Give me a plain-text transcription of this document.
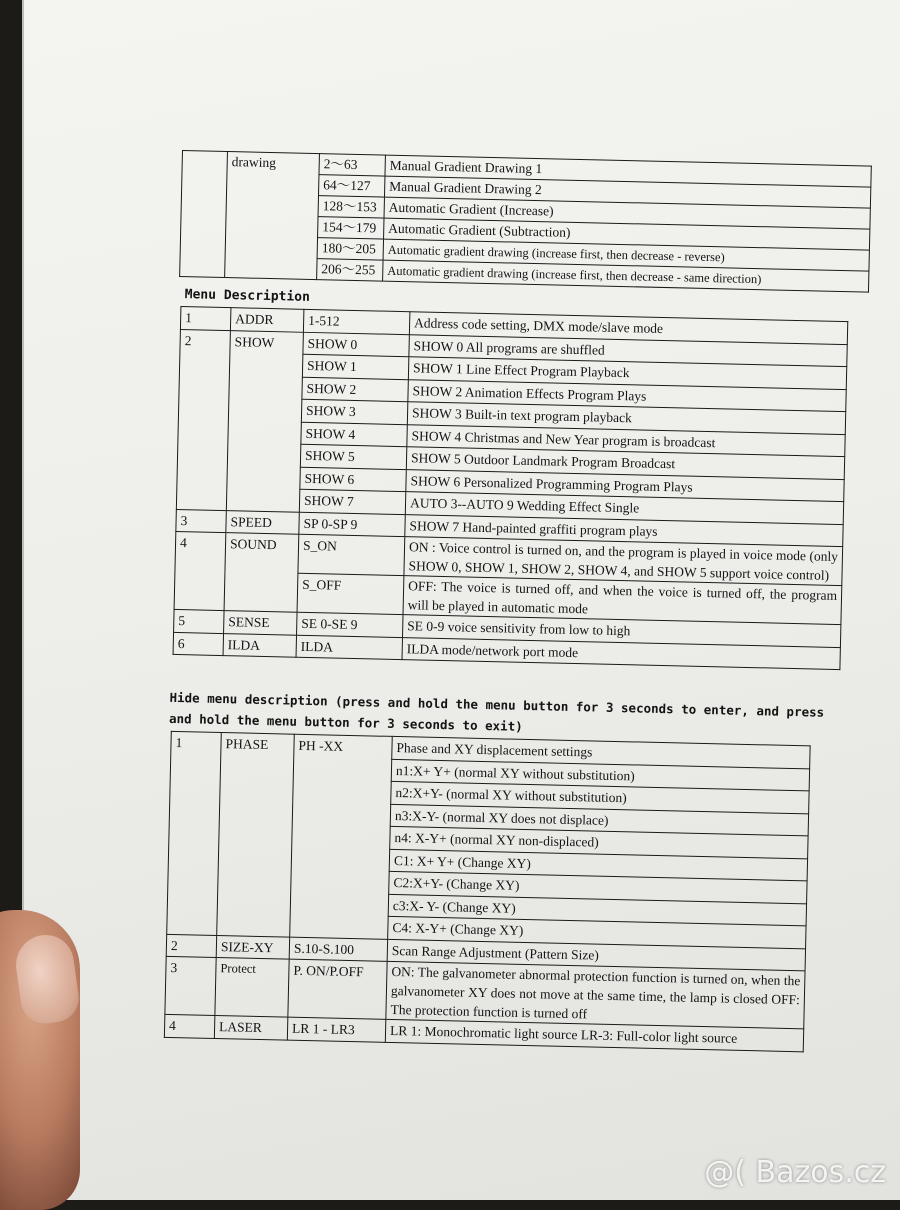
	drawing	2～63	Manual Gradient Drawing 1
		64～127	Manual Gradient Drawing 2
		128～153	Automatic Gradient (Increase)
		154～179	Automatic Gradient (Subtraction)
		180～205	Automatic gradient drawing (increase first, then decrease - reverse)
		206～255	Automatic gradient drawing (increase first, then decrease - same direction)
Menu Description
1	ADDR	1-512	Address code setting, DMX mode/slave mode
2	SHOW	SHOW 0	SHOW 0 All programs are shuffled
		SHOW 1	SHOW 1 Line Effect Program Playback
		SHOW 2	SHOW 2 Animation Effects Program Plays
		SHOW 3	SHOW 3 Built-in text program playback
		SHOW 4	SHOW 4 Christmas and New Year program is broadcast
		SHOW 5	SHOW 5 Outdoor Landmark Program Broadcast
		SHOW 6	SHOW 6 Personalized Programming Program Plays
		SHOW 7	AUTO 3--AUTO 9 Wedding Effect Single
3	SPEED	SP 0-SP 9	SHOW 7 Hand-painted graffiti program plays
4	SOUND	S_ON	ON : Voice control is turned on, and the program is played in voice mode (only SHOW 0, SHOW 1, SHOW 2, SHOW 4, and SHOW 5 support voice control)
		S_OFF	OFF: The voice is turned off, and when the voice is turned off, the program will be played in automatic mode
5	SENSE	SE 0-SE 9	SE 0-9 voice sensitivity from low to high
6	ILDA	ILDA	ILDA mode/network port mode
Hide menu description (press and hold the menu button for 3 seconds to enter, and press and hold the menu button for 3 seconds to exit)
1	PHASE	PH -XX	Phase and XY displacement settings
			n1:X+ Y+ (normal XY without substitution)
			n2:X+Y- (normal XY without substitution)
			n3:X-Y- (normal XY does not displace)
			n4: X-Y+ (normal XY non-displaced)
			C1: X+ Y+ (Change XY)
			C2:X+Y- (Change XY)
			c3:X- Y- (Change XY)
			C4: X-Y+ (Change XY)
2	SIZE-XY	S.10-S.100	Scan Range Adjustment (Pattern Size)
3	Protect	P. ON/P.OFF	ON: The galvanometer abnormal protection function is turned on, when the galvanometer XY does not move at the same time, the lamp is closed OFF: The protection function is turned off
4	LASER	LR 1 - LR3	LR 1: Monochromatic light source LR-3: Full-color light source
@( Bazos.cz
